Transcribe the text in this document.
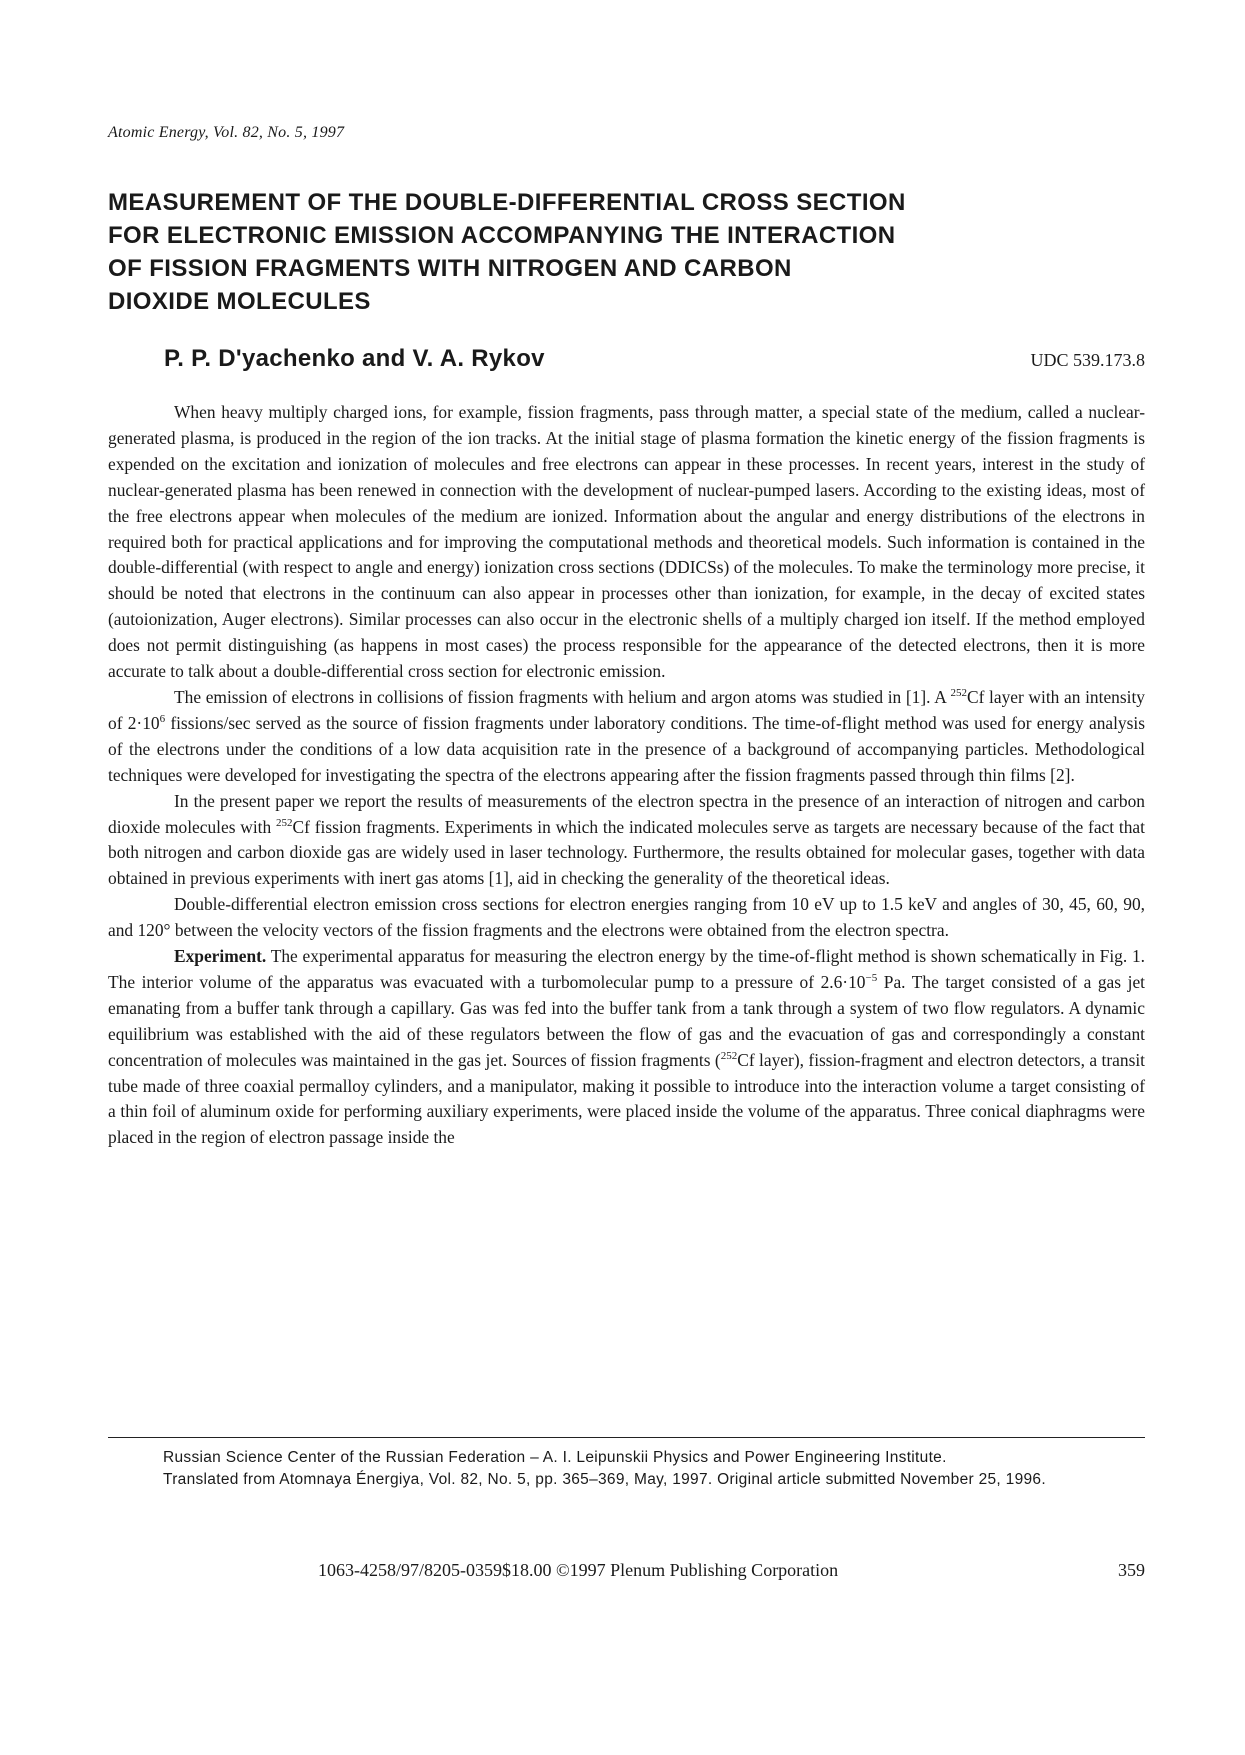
Atomic Energy, Vol. 82, No. 5, 1997
MEASUREMENT OF THE DOUBLE-DIFFERENTIAL CROSS SECTION
FOR ELECTRONIC EMISSION ACCOMPANYING THE INTERACTION
OF FISSION FRAGMENTS WITH NITROGEN AND CARBON
DIOXIDE MOLECULES
P. P. D'yachenko and V. A. Rykov	UDC 539.173.8

When heavy multiply charged ions, for example, fission fragments, pass through matter, a special state of the medium, called a nuclear-generated plasma, is produced in the region of the ion tracks. At the initial stage of plasma formation the kinetic energy of the fission fragments is expended on the excitation and ionization of molecules and free electrons can appear in these processes. In recent years, interest in the study of nuclear-generated plasma has been renewed in connection with the development of nuclear-pumped lasers. According to the existing ideas, most of the free electrons appear when molecules of the medium are ionized. Information about the angular and energy distributions of the electrons in required both for practical applications and for improving the computational methods and theoretical models. Such information is contained in the double-differential (with respect to angle and energy) ionization cross sections (DDICSs) of the molecules. To make the terminology more precise, it should be noted that electrons in the continuum can also appear in processes other than ionization, for example, in the decay of excited states (autoionization, Auger electrons). Similar processes can also occur in the electronic shells of a multiply charged ion itself. If the method employed does not permit distinguishing (as happens in most cases) the process responsible for the appearance of the detected electrons, then it is more accurate to talk about a double-differential cross section for electronic emission.

The emission of electrons in collisions of fission fragments with helium and argon atoms was studied in [1]. A $^{252}$Cf layer with an intensity of $2\cdot 10^6$ fissions/sec served as the source of fission fragments under laboratory conditions. The time-of-flight method was used for energy analysis of the electrons under the conditions of a low data acquisition rate in the presence of a background of accompanying particles. Methodological techniques were developed for investigating the spectra of the electrons appearing after the fission fragments passed through thin films [2].

In the present paper we report the results of measurements of the electron spectra in the presence of an interaction of nitrogen and carbon dioxide molecules with $^{252}$Cf fission fragments. Experiments in which the indicated molecules serve as targets are necessary because of the fact that both nitrogen and carbon dioxide gas are widely used in laser technology. Furthermore, the results obtained for molecular gases, together with data obtained in previous experiments with inert gas atoms [1], aid in checking the generality of the theoretical ideas.

Double-differential electron emission cross sections for electron energies ranging from 10 eV up to 1.5 keV and angles of 30, 45, 60, 90, and 120° between the velocity vectors of the fission fragments and the electrons were obtained from the electron spectra.

Experiment. The experimental apparatus for measuring the electron energy by the time-of-flight method is shown schematically in Fig. 1. The interior volume of the apparatus was evacuated with a turbomolecular pump to a pressure of $2.6\cdot 10^{-5}$ Pa. The target consisted of a gas jet emanating from a buffer tank through a capillary. Gas was fed into the buffer tank from a tank through a system of two flow regulators. A dynamic equilibrium was established with the aid of these regulators between the flow of gas and the evacuation of gas and correspondingly a constant concentration of molecules was maintained in the gas jet. Sources of fission fragments ($^{252}$Cf layer), fission-fragment and electron detectors, a transit tube made of three coaxial permalloy cylinders, and a manipulator, making it possible to introduce into the interaction volume a target consisting of a thin foil of aluminum oxide for performing auxiliary experiments, were placed inside the volume of the apparatus. Three conical diaphragms were placed in the region of electron passage inside the

Russian Science Center of the Russian Federation – A. I. Leipunskii Physics and Power Engineering Institute.
Translated from Atomnaya Énergiya, Vol. 82, No. 5, pp. 365–369, May, 1997. Original article submitted November 25, 1996.
1063-4258/97/8205-0359$18.00 ©1997 Plenum Publishing Corporation	359
